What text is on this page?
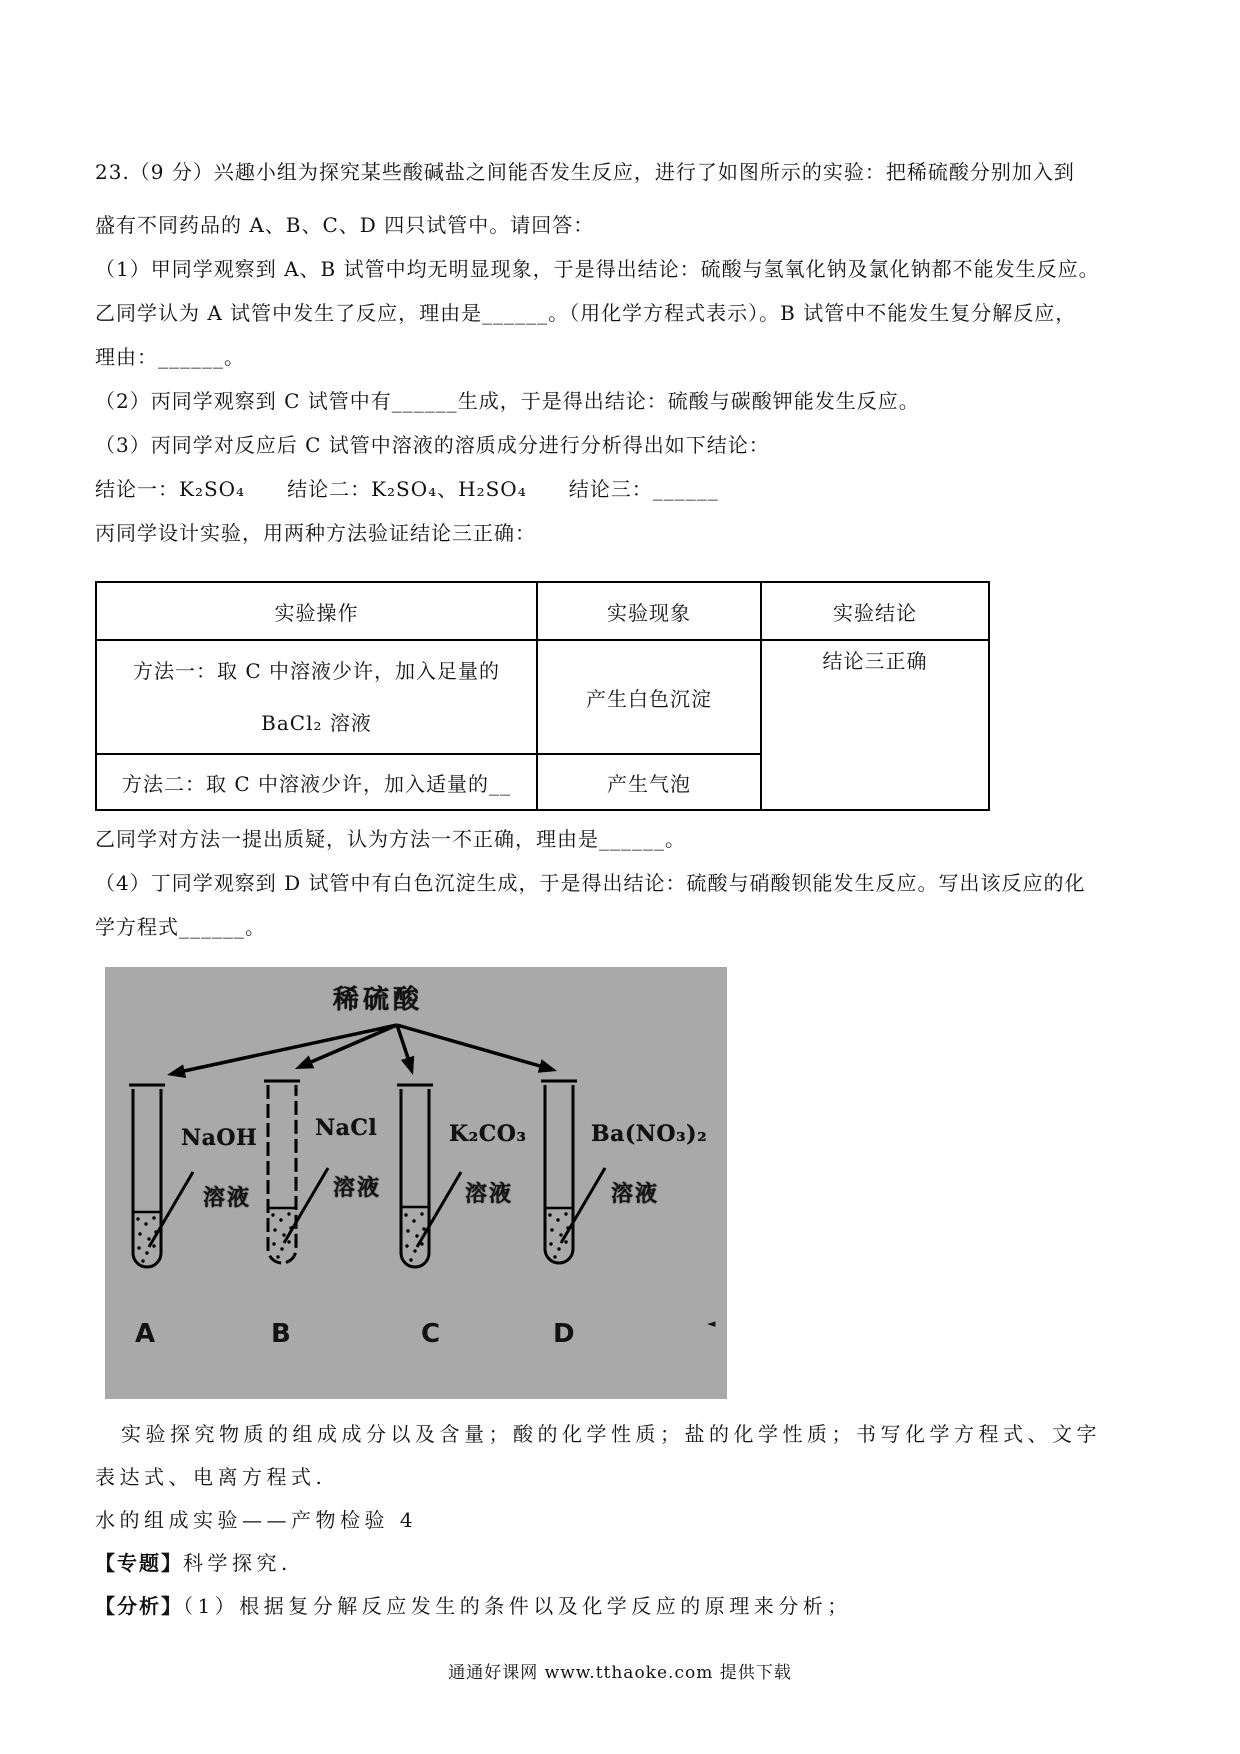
23.（9 分）兴趣小组为探究某些酸碱盐之间能否发生反应，进行了如图所示的实验：把稀硫酸分别加入到

盛有不同药品的 A、B、C、D 四只试管中。请回答：

（1）甲同学观察到 A、B 试管中均无明显现象，于是得出结论：硫酸与氢氧化钠及氯化钠都不能发生反应。

乙同学认为 A 试管中发生了反应，理由是______。（用化学方程式表示）。B 试管中不能发生复分解反应，

理由：______。

（2）丙同学观察到 C 试管中有______生成，于是得出结论：硫酸与碳酸钾能发生反应。

（3）丙同学对反应后 C 试管中溶液的溶质成分进行分析得出如下结论：

结论一：K₂SO₄　　结论二：K₂SO₄、H₂SO₄　　结论三：______

丙同学设计实验，用两种方法验证结论三正确：

实验操作	实验现象	实验结论
方法一：取 C 中溶液少许，加入足量的 BaCl₂ 溶液	产生白色沉淀	结论三正确
方法二：取 C 中溶液少许，加入适量的__	产生气泡	

乙同学对方法一提出质疑，认为方法一不正确，理由是______。

（4）丁同学观察到 D 试管中有白色沉淀生成，于是得出结论：硫酸与硝酸钡能发生反应。写出该反应的化

学方程式______。

稀硫酸
NaOH	NaCl	K₂CO₃	Ba(NO₃)₂
溶液	溶液	溶液	溶液
A	B	C	D	◄

实验探究物质的组成成分以及含量；酸的化学性质；盐的化学性质；书写化学方程式、文字

表达式、电离方程式.

水的组成实验——产物检验 4

【专题】科学探究.

【分析】（1）根据复分解反应发生的条件以及化学反应的原理来分析；

通通好课网 www.tthaoke.com 提供下载
